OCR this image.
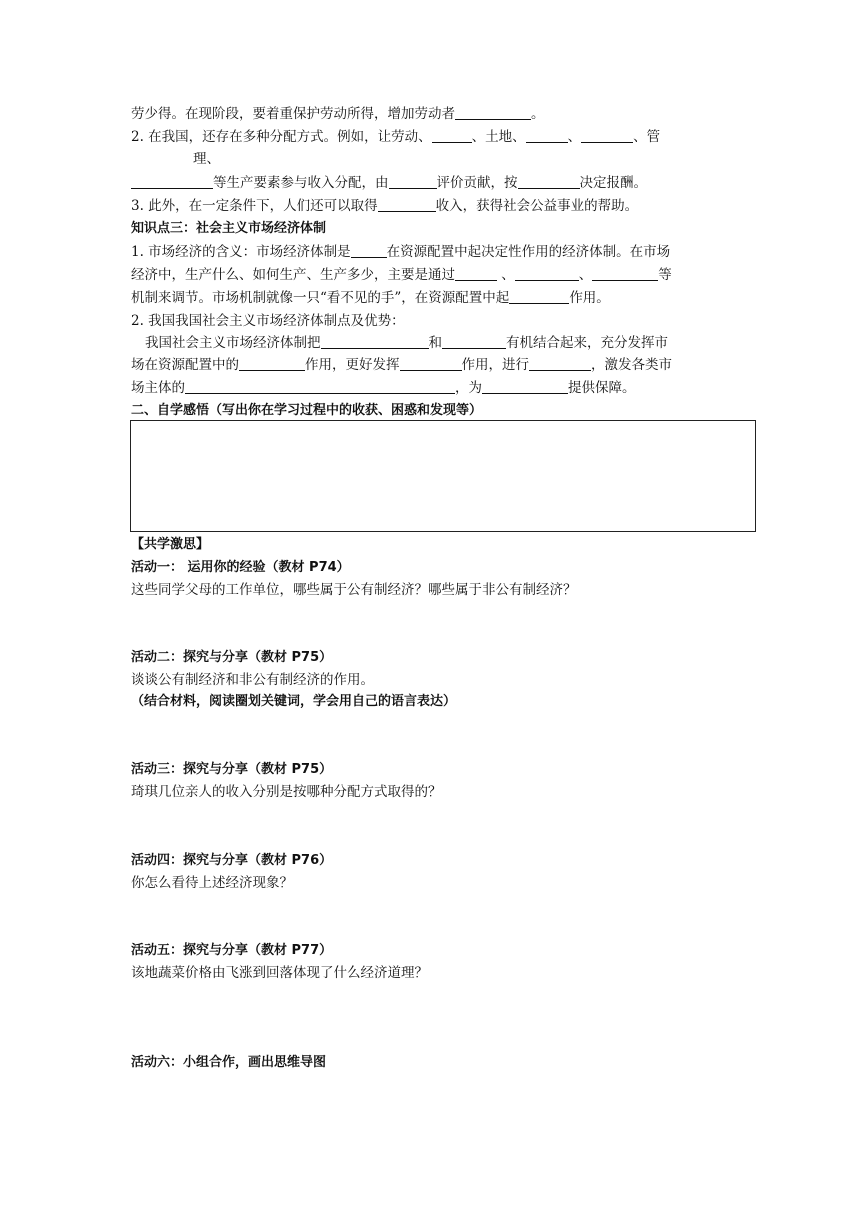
劳少得。在现阶段，要着重保护劳动所得，增加劳动者	。
2. 在我国，还存在多种分配方式。例如，让劳动、	、土地、	、	、管
理、
等生产要素参与收入分配，由	评价贡献，按	决定报酬。
3. 此外，在一定条件下，人们还可以取得	收入，获得社会公益事业的帮助。
知识点三：社会主义市场经济体制
1. 市场经济的含义：市场经济体制是	在资源配置中起决定性作用的经济体制。在市场
经济中，生产什么、如何生产、生产多少，主要是通过	、	、	等
机制来调节。市场机制就像一只“看不见的手”，在资源配置中起	作用。
2. 我国我国社会主义市场经济体制点及优势：
我国社会主义市场经济体制把	和	有机结合起来，充分发挥市
场在资源配置中的	作用，更好发挥	作用，进行	，激发各类市
场主体的	，为	提供保障。
二、自学感悟（写出你在学习过程中的收获、困惑和发现等）
【共学激思】
活动一： 运用你的经验（教材 P74）
这些同学父母的工作单位，哪些属于公有制经济？哪些属于非公有制经济？
活动二：探究与分享（教材 P75）
谈谈公有制经济和非公有制经济的作用。
（结合材料，阅读圈划关键词，学会用自己的语言表达）
活动三：探究与分享（教材 P75）
琦琪几位亲人的收入分别是按哪种分配方式取得的？
活动四：探究与分享（教材 P76）
你怎么看待上述经济现象？
活动五：探究与分享（教材 P77）
该地蔬菜价格由飞涨到回落体现了什么经济道理？
活动六：小组合作，画出思维导图
